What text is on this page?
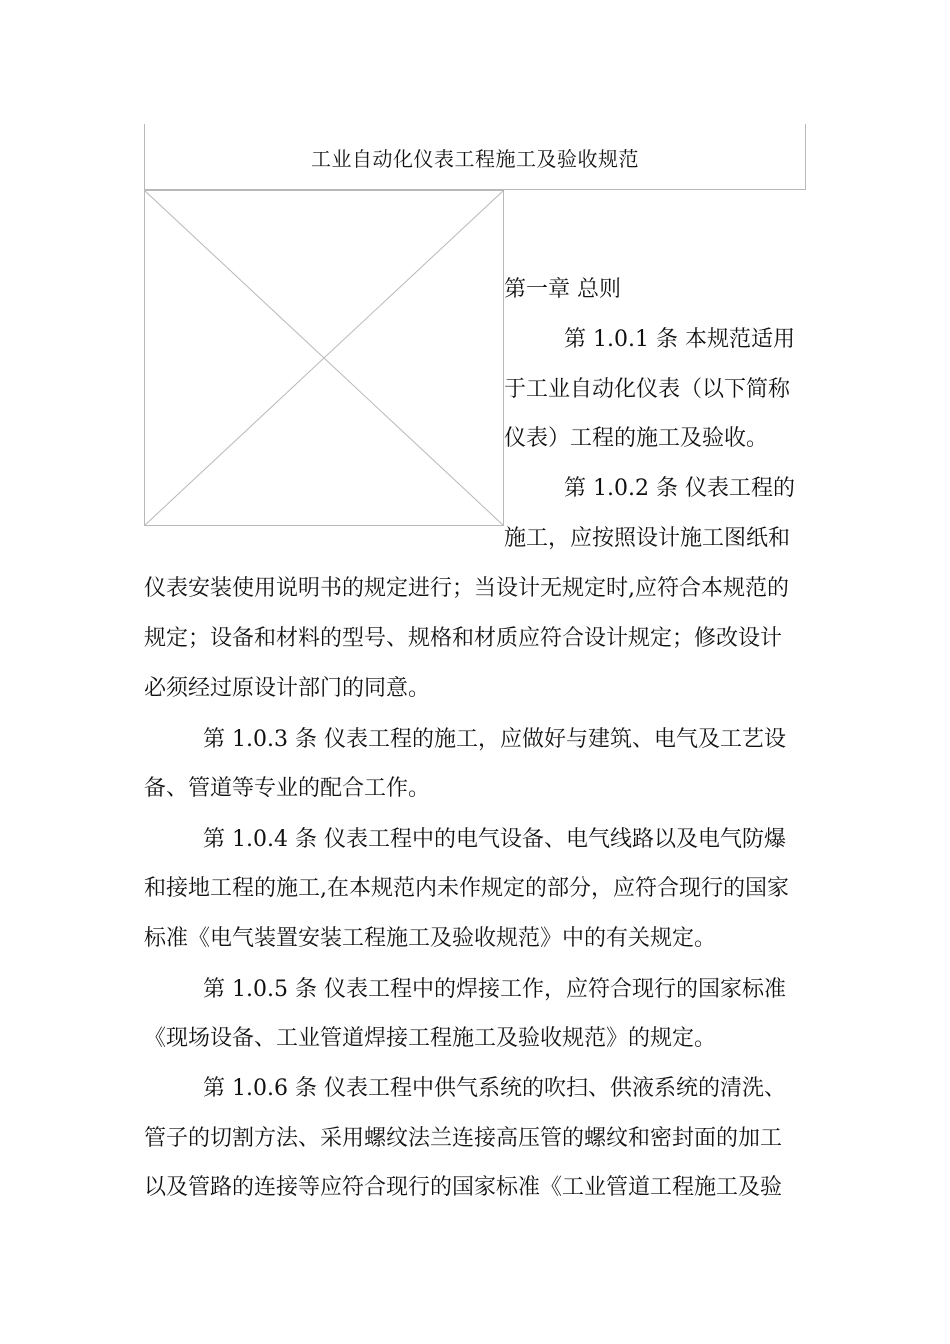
工业自动化仪表工程施工及验收规范
第一章 总则
第 1.0.1 条 本规范适用
于工业自动化仪表（以下简称
仪表）工程的施工及验收。
第 1.0.2 条 仪表工程的
施工，应按照设计施工图纸和
仪表安装使用说明书的规定进行；当设计无规定时,应符合本规范的
规定；设备和材料的型号、规格和材质应符合设计规定；修改设计
必须经过原设计部门的同意。
第 1.0.3 条 仪表工程的施工，应做好与建筑、电气及工艺设
备、管道等专业的配合工作。
第 1.0.4 条 仪表工程中的电气设备、电气线路以及电气防爆
和接地工程的施工,在本规范内未作规定的部分，应符合现行的国家
标准《电气装置安装工程施工及验收规范》中的有关规定。
第 1.0.5 条 仪表工程中的焊接工作，应符合现行的国家标准
《现场设备、工业管道焊接工程施工及验收规范》的规定。
第 1.0.6 条 仪表工程中供气系统的吹扫、供液系统的清洗、
管子的切割方法、采用螺纹法兰连接高压管的螺纹和密封面的加工
以及管路的连接等应符合现行的国家标准《工业管道工程施工及验
